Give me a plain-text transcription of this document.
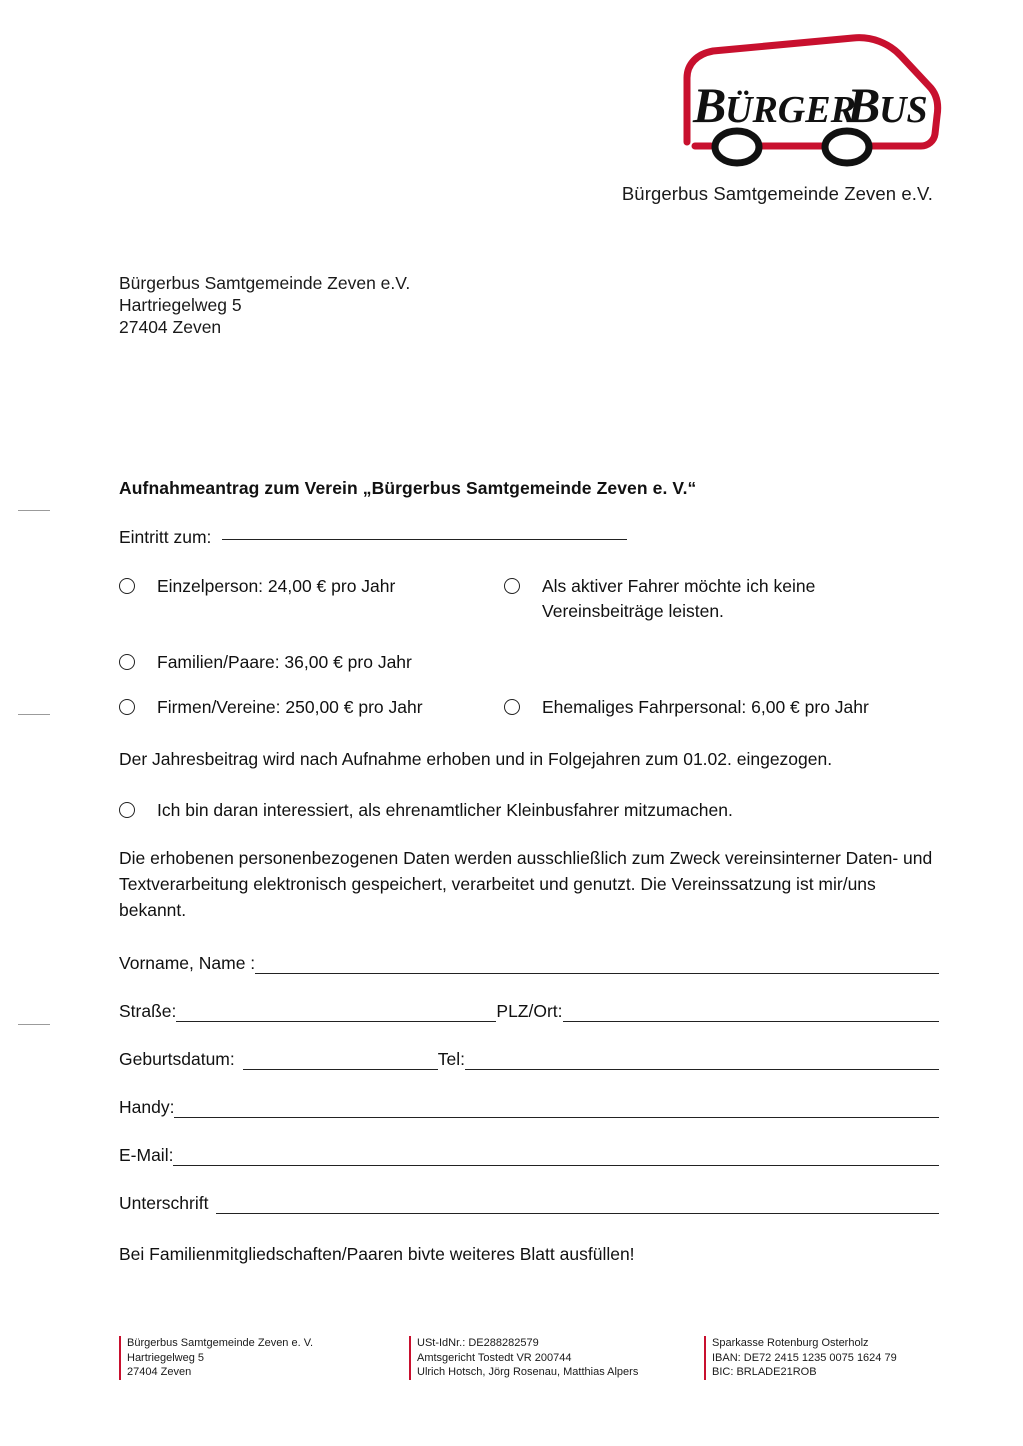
B
ÜRGER
B
US
Bürgerbus Samtgemeinde Zeven e.V.
Bürgerbus Samtgemeinde Zeven e.V.
Hartriegelweg 5
27404 Zeven
Aufnahmeantrag zum Verein „Bürgerbus Samtgemeinde Zeven e. V.“
Eintritt zum:
Einzelperson: 24,00 € pro Jahr	Als aktiver Fahrer möchte ich keine Vereinsbeiträge leisten.
Familien/Paare: 36,00 € pro Jahr
Firmen/Vereine: 250,00 € pro Jahr	Ehemaliges Fahrpersonal: 6,00 € pro Jahr

Der Jahresbeitrag wird nach Aufnahme erhoben und in Folgejahren zum 01.02. eingezogen.

Ich bin daran interessiert, als ehrenamtlicher Kleinbusfahrer mitzumachen.

Die erhobenen personenbezogenen Daten werden ausschließlich zum Zweck vereinsinterner Daten- und Textverarbeitung elektronisch gespeichert, verarbeitet und genutzt. Die Vereinssatzung ist mir/uns bekannt.

Vorname, Name :
Straße:	PLZ/Ort:
Geburtsdatum:	Tel:
Handy:
E-Mail:
Unterschrift
Bei Familienmitgliedschaften/Paaren bivte weiteres Blatt ausfüllen!
Bürgerbus Samtgemeinde Zeven e. V.
Hartriegelweg 5
27404 Zeven
USt-IdNr.: DE288282579
Amtsgericht Tostedt VR 200744
Ulrich Hotsch, Jörg Rosenau, Matthias Alpers
Sparkasse Rotenburg Osterholz
IBAN: DE72 2415 1235 0075 1624 79
BIC: BRLADE21ROB
